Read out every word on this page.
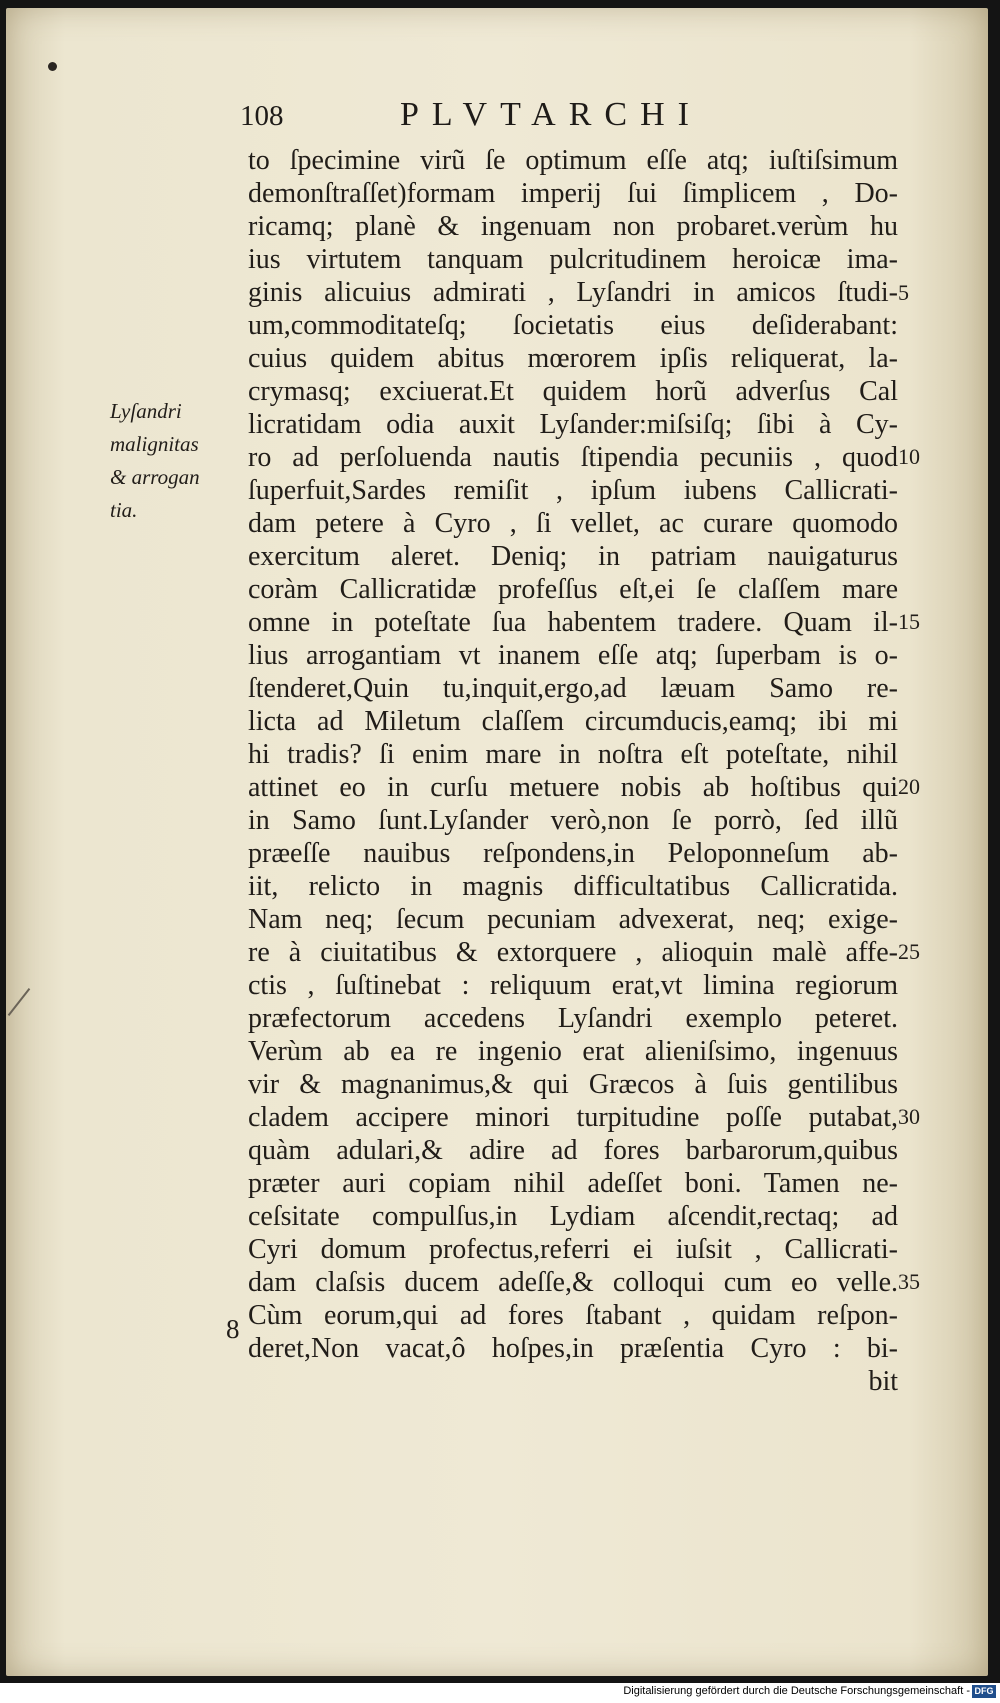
108	PLVTARCHI
Lyſandri
malignitas
& arrogan
tia.
to ſpecimine virũ ſe optimum eſſe atq; iuſtiſsimum
demonſtraſſet)formam imperij ſui ſimplicem , Do-
ricamq; planè & ingenuam non probaret.verùm hu
ius virtutem tanquam pulcritudinem heroicæ ima-
ginis alicuius admirati , Lyſandri in amicos ſtudi-
um,commoditateſq; ſocietatis eius deſiderabant:
cuius quidem abitus mœrorem ipſis reliquerat, la-
crymasq; exciuerat.Et quidem horũ adverſus Cal
licratidam odia auxit Lyſander:miſsiſq; ſibi à Cy-
ro ad perſoluenda nautis ſtipendia pecuniis , quod
ſuperfuit,Sardes remiſit , ipſum iubens Callicrati-
dam petere à Cyro , ſi vellet, ac curare quomodo
exercitum aleret. Deniq; in patriam nauigaturus
coràm Callicratidæ profeſſus eſt,ei ſe claſſem mare
omne in poteſtate ſua habentem tradere. Quam il-
lius arrogantiam vt inanem eſſe atq; ſuperbam is o-
ſtenderet,Quin tu,inquit,ergo,ad læuam Samo re-
licta ad Miletum claſſem circumducis,eamq; ibi mi
hi tradis? ſi enim mare in noſtra eſt poteſtate, nihil
attinet eo in curſu metuere nobis ab hoſtibus qui
in Samo ſunt.Lyſander verò,non ſe porrò, ſed illũ
præeſſe nauibus reſpondens,in Peloponneſum ab-
iit, relicto in magnis difficultatibus Callicratida.
Nam neq; ſecum pecuniam advexerat, neq; exige-
re à ciuitatibus & extorquere , alioquin malè affe-
ctis , ſuſtinebat : reliquum erat,vt limina regiorum
præfectorum accedens Lyſandri exemplo peteret.
Verùm ab ea re ingenio erat alieniſsimo, ingenuus
vir & magnanimus,& qui Græcos à ſuis gentilibus
cladem accipere minori turpitudine poſſe putabat,
quàm adulari,& adire ad fores barbarorum,quibus
præter auri copiam nihil adeſſet boni. Tamen ne-
ceſsitate compulſus,in Lydiam aſcendit,rectaq; ad
Cyri domum profectus,referri ei iuſsit , Callicrati-
dam claſsis ducem adeſſe,& colloqui cum eo velle.
Cùm eorum,qui ad fores ſtabant , quidam reſpon-
deret,Non vacat,ô hoſpes,in præſentia Cyro : bi-
bit
5
10
15
20
25
30
35
8
Digitalisierung gefördert durch die Deutsche Forschungsgemeinschaft - DFG
